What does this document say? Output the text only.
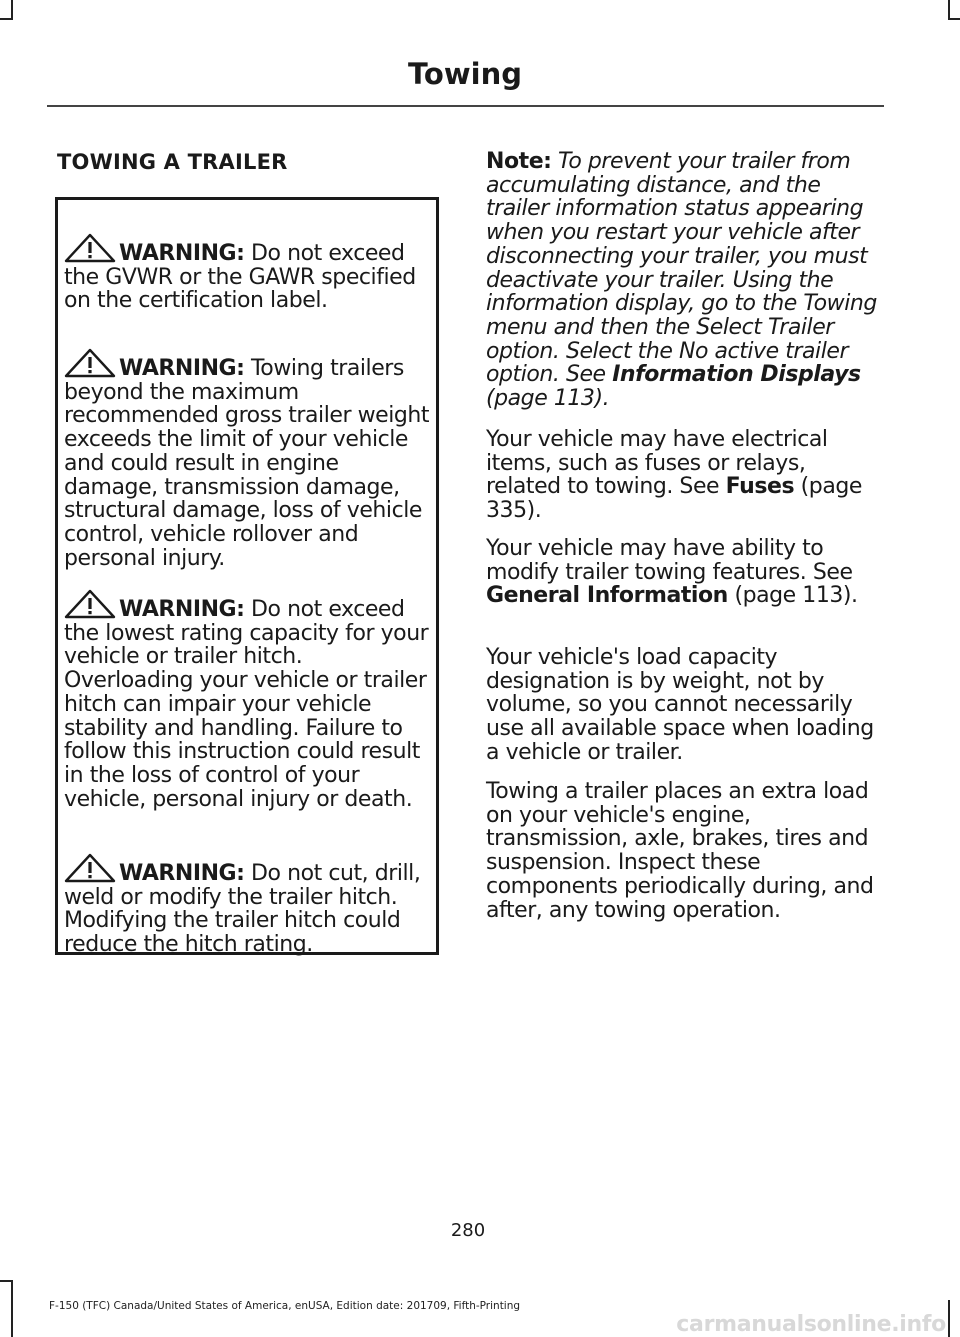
Towing
TOWING A TRAILER
WARNING: Do not exceed the GVWR or the GAWR specified on the certification label.
WARNING: Towing trailers beyond the maximum recommended gross trailer weight exceeds the limit of your vehicle and could result in engine damage, transmission damage, structural damage, loss of vehicle control, vehicle rollover and personal injury.
WARNING: Do not exceed the lowest rating capacity for your vehicle or trailer hitch. Overloading your vehicle or trailer hitch can impair your vehicle stability and handling. Failure to follow this instruction could result in the loss of control of your vehicle, personal injury or death.
WARNING: Do not cut, drill, weld or modify the trailer hitch. Modifying the trailer hitch could reduce the hitch rating.

Note: To prevent your trailer from accumulating distance, and the trailer information status appearing when you restart your vehicle after disconnecting your trailer, you must deactivate your trailer. Using the information display, go to the Towing menu and then the Select Trailer option. Select the No active trailer option. See Information Displays (page 113).

Your vehicle may have electrical items, such as fuses or relays, related to towing. See Fuses (page 335).

Your vehicle may have ability to modify trailer towing features. See General Information (page 113).

Your vehicle's load capacity designation is by weight, not by volume, so you cannot necessarily use all available space when loading a vehicle or trailer.

Towing a trailer places an extra load on your vehicle's engine, transmission, axle, brakes, tires and suspension. Inspect these components periodically during, and after, any towing operation.

280
F-150 (TFC) Canada/United States of America, enUSA, Edition date: 201709, Fifth-Printing
carmanualsonline.info
